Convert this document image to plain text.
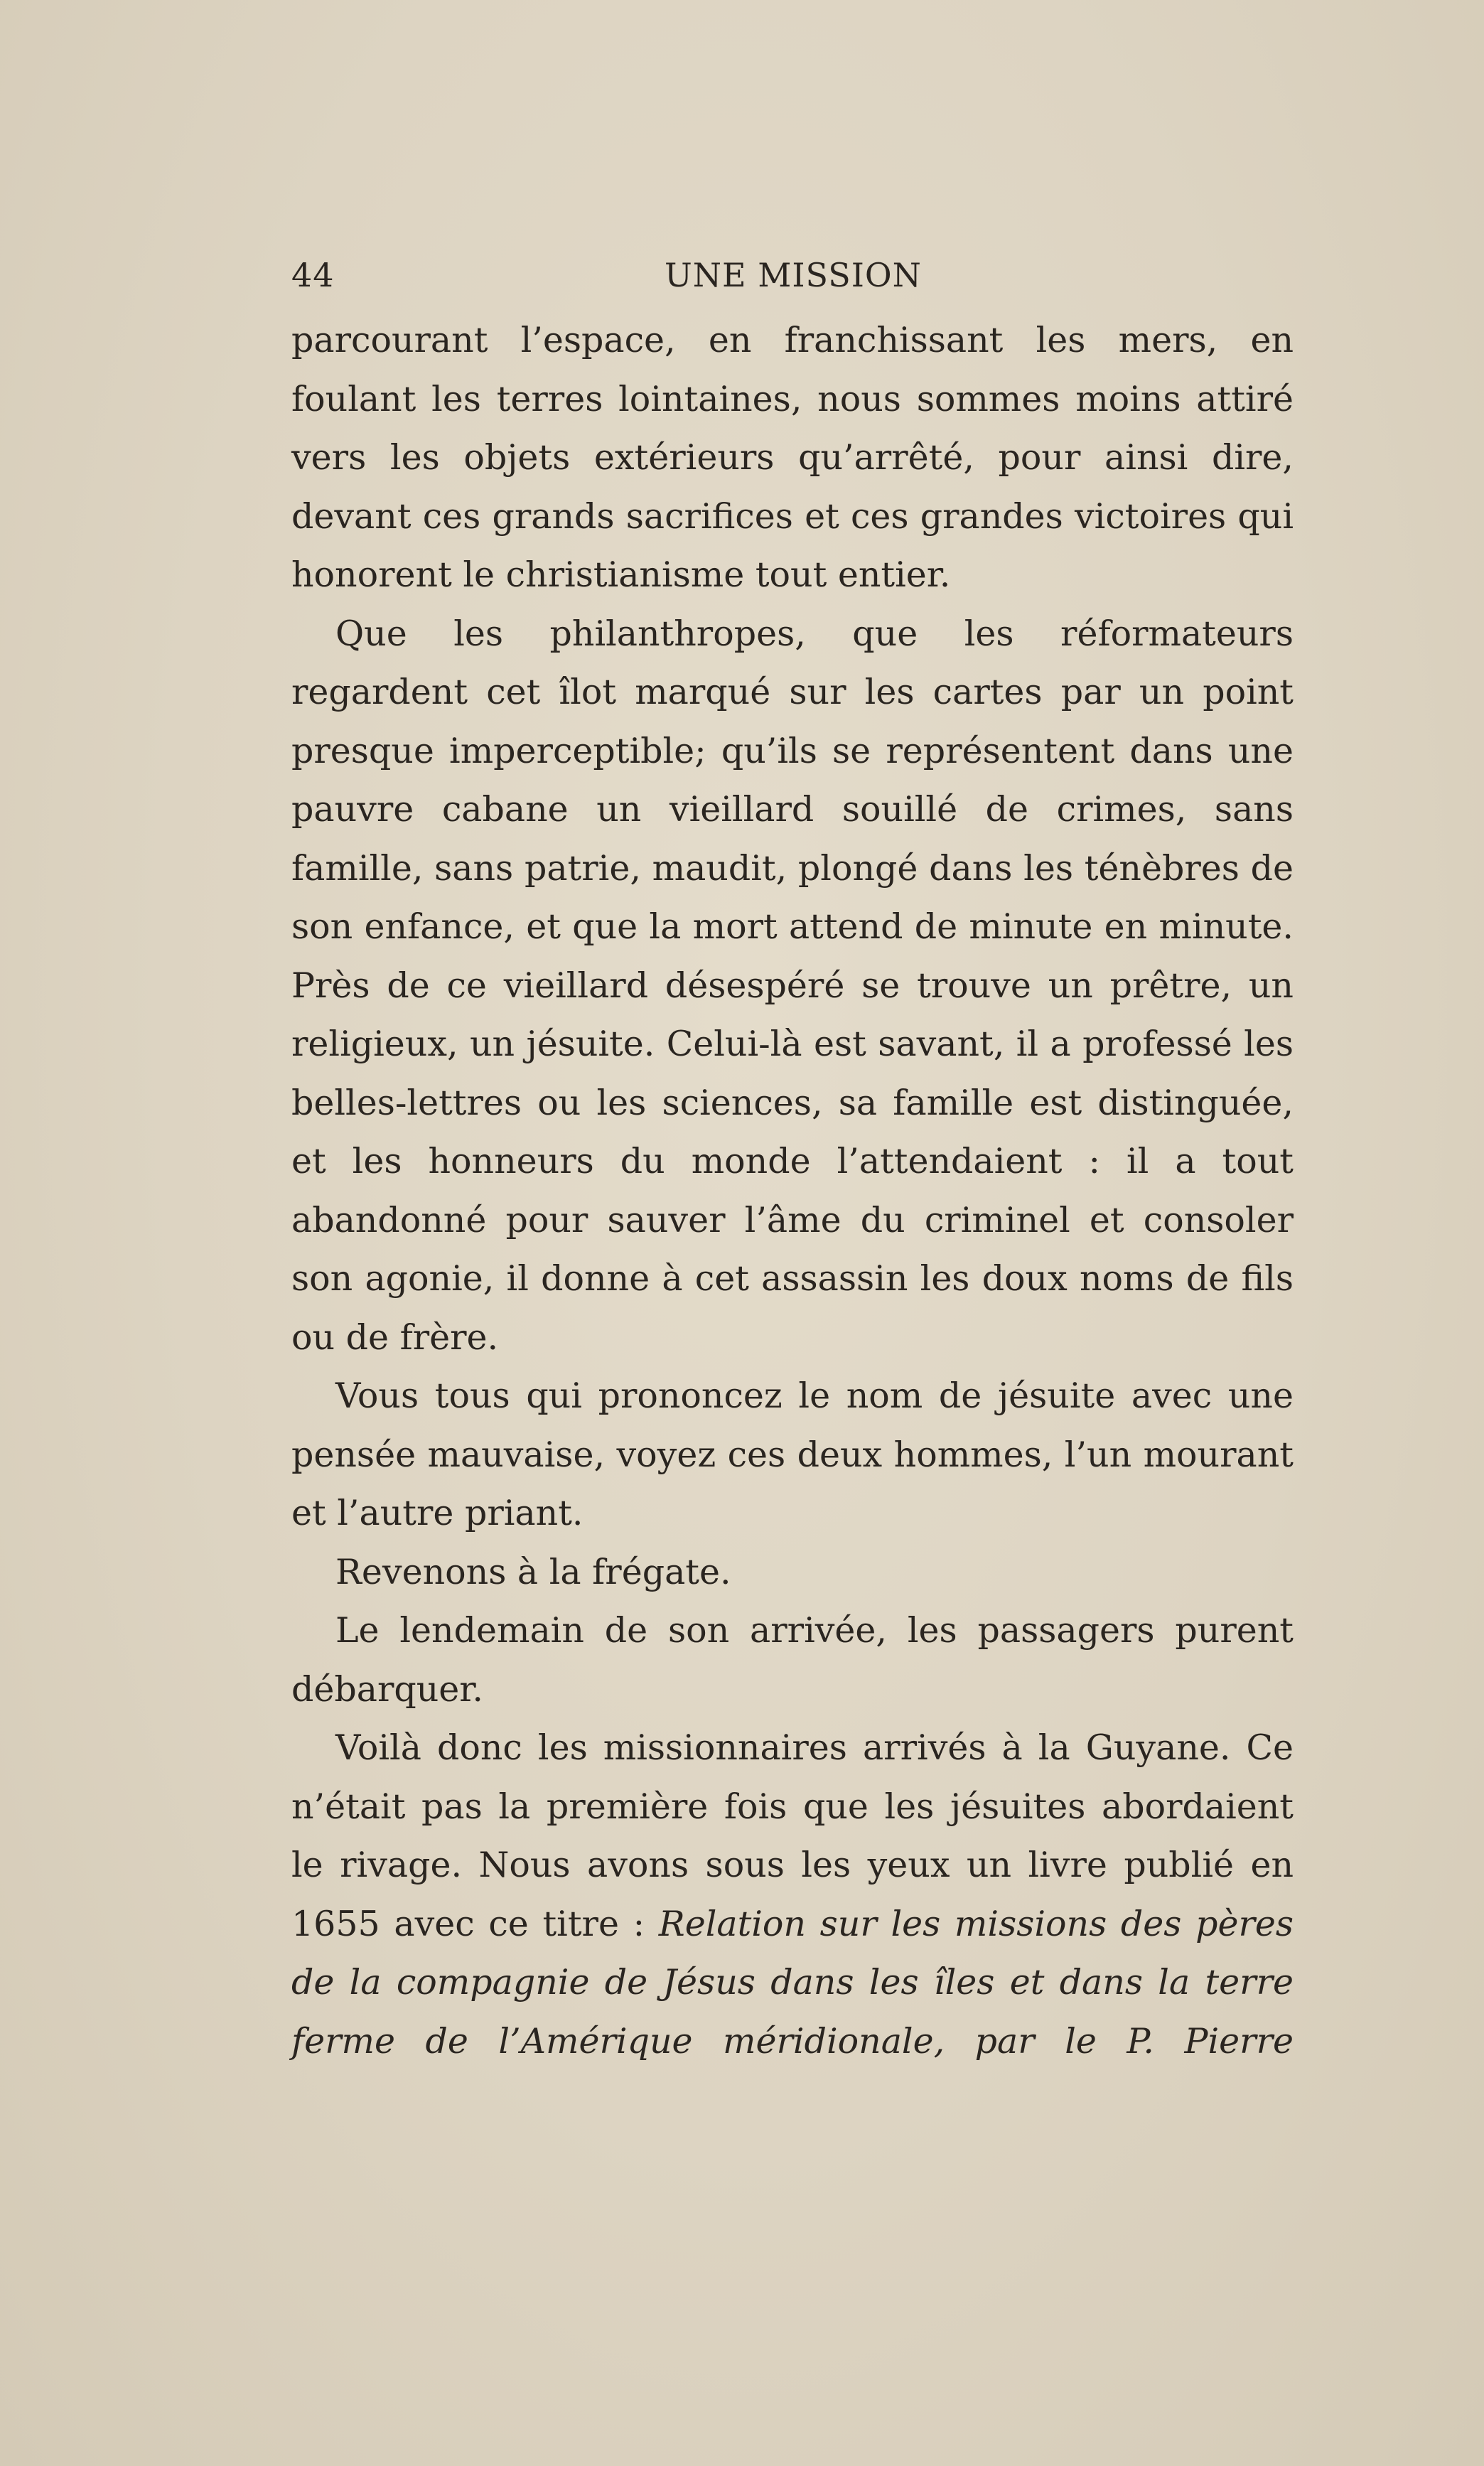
44	UNE MISSION

parcourant l’espace, en franchissant les mers, en foulant les terres lointaines, nous sommes moins attiré vers les objets extérieurs qu’arrêté, pour ainsi dire, devant ces grands sacrifices et ces grandes victoires qui honorent le christianisme tout entier.

Que les philanthropes, que les réformateurs regardent cet îlot marqué sur les cartes par un point presque imperceptible; qu’ils se représentent dans une pauvre cabane un vieillard souillé de crimes, sans famille, sans patrie, maudit, plongé dans les ténèbres de son enfance, et que la mort attend de minute en minute. Près de ce vieillard désespéré se trouve un prêtre, un religieux, un jésuite. Celui-là est savant, il a professé les belles-lettres ou les sciences, sa famille est distinguée, et les honneurs du monde l’attendaient : il a tout abandonné pour sauver l’âme du criminel et consoler son agonie, il donne à cet assassin les doux noms de fils ou de frère.

Vous tous qui prononcez le nom de jésuite avec une pensée mauvaise, voyez ces deux hommes, l’un mourant et l’autre priant.

Revenons à la frégate.

Le lendemain de son arrivée, les passagers purent débarquer.

Voilà donc les missionnaires arrivés à la Guyane. Ce n’était pas la première fois que les jésuites abordaient le rivage. Nous avons sous les yeux un livre publié en 1655 avec ce titre : Relation sur les missions des pères de la compagnie de Jésus dans les îles et dans la terre ferme de l’Amérique méridionale, par le P. Pierre
